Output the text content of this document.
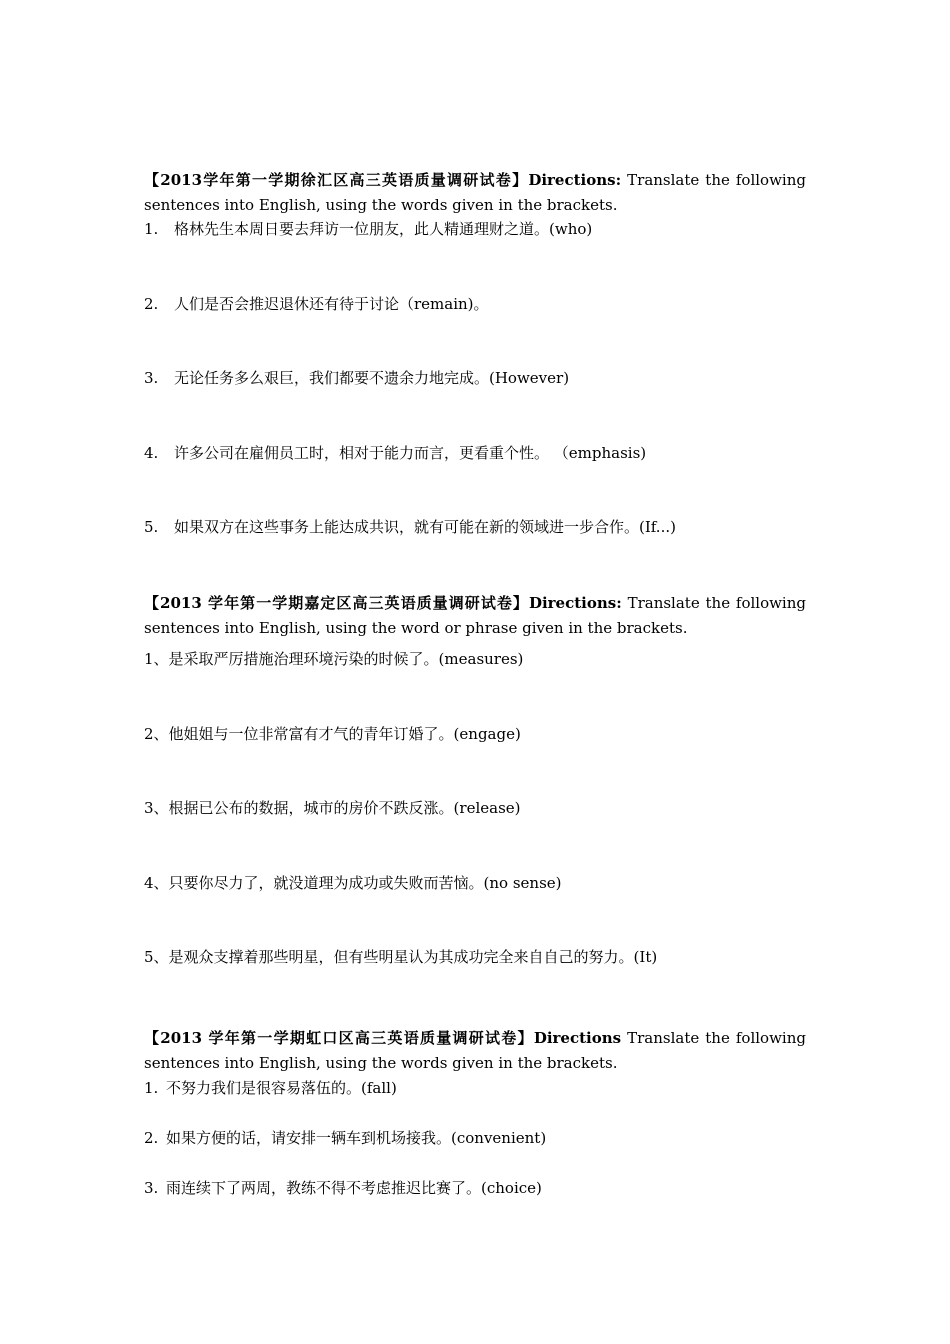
【2013学年第一学期徐汇区高三英语质量调研试卷】Directions: Translate the following sentences into English, using the words given in the brackets.
1. 格林先生本周日要去拜访一位朋友，此人精通理财之道。(who)
2. 人们是否会推迟退休还有待于讨论（remain)。
3. 无论任务多么艰巨，我们都要不遗余力地完成。(However)
4. 许多公司在雇佣员工时，相对于能力而言，更看重个性。 （emphasis)
5. 如果双方在这些事务上能达成共识，就有可能在新的领域进一步合作。(If...)
【2013 学年第一学期嘉定区高三英语质量调研试卷】Directions: Translate the following sentences into English, using the word or phrase given in the brackets.
1、是采取严厉措施治理环境污染的时候了。(measures)
2、他姐姐与一位非常富有才气的青年订婚了。(engage)
3、根据已公布的数据，城市的房价不跌反涨。(release)
4、只要你尽力了，就没道理为成功或失败而苦恼。(no sense)
5、是观众支撑着那些明星，但有些明星认为其成功完全来自自己的努力。(It)
【2013 学年第一学期虹口区高三英语质量调研试卷】Directions Translate the following sentences into English, using the words given in the brackets.
1. 不努力我们是很容易落伍的。(fall)
2. 如果方便的话，请安排一辆车到机场接我。(convenient)
3. 雨连续下了两周，教练不得不考虑推迟比赛了。(choice)
